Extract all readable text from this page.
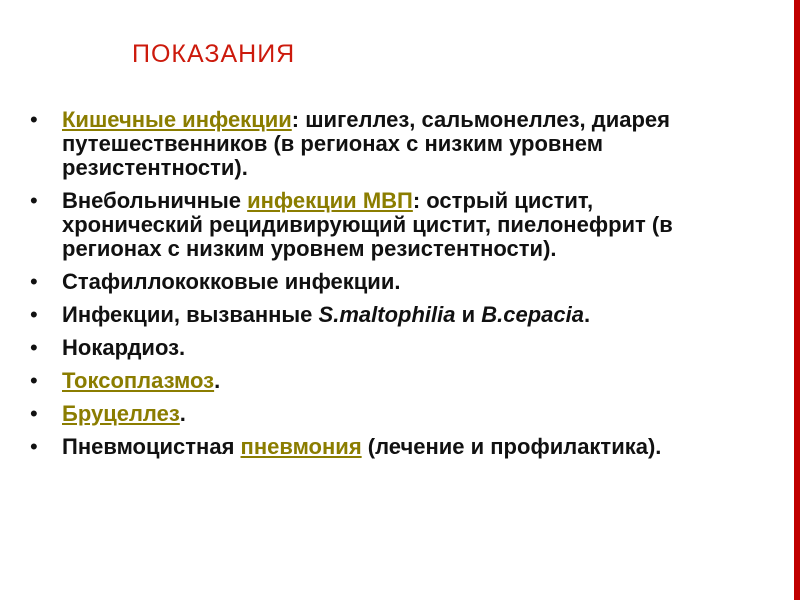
ПОКАЗАНИЯ
• Кишечные инфекции: шигеллез, сальмонеллез, диарея путешественников (в регионах с низким уровнем резистентности).
• Внебольничные инфекции МВП: острый цистит, хронический рецидивирующий цистит, пиелонефрит (в регионах с низким уровнем резистентности).
• Стафиллококковые инфекции.
• Инфекции, вызванные S.maltophilia и B.cepacia.
• Нокардиоз.
• Токсоплазмоз.
• Бруцеллез.
• Пневмоцистная пневмония (лечение и профилактика).
